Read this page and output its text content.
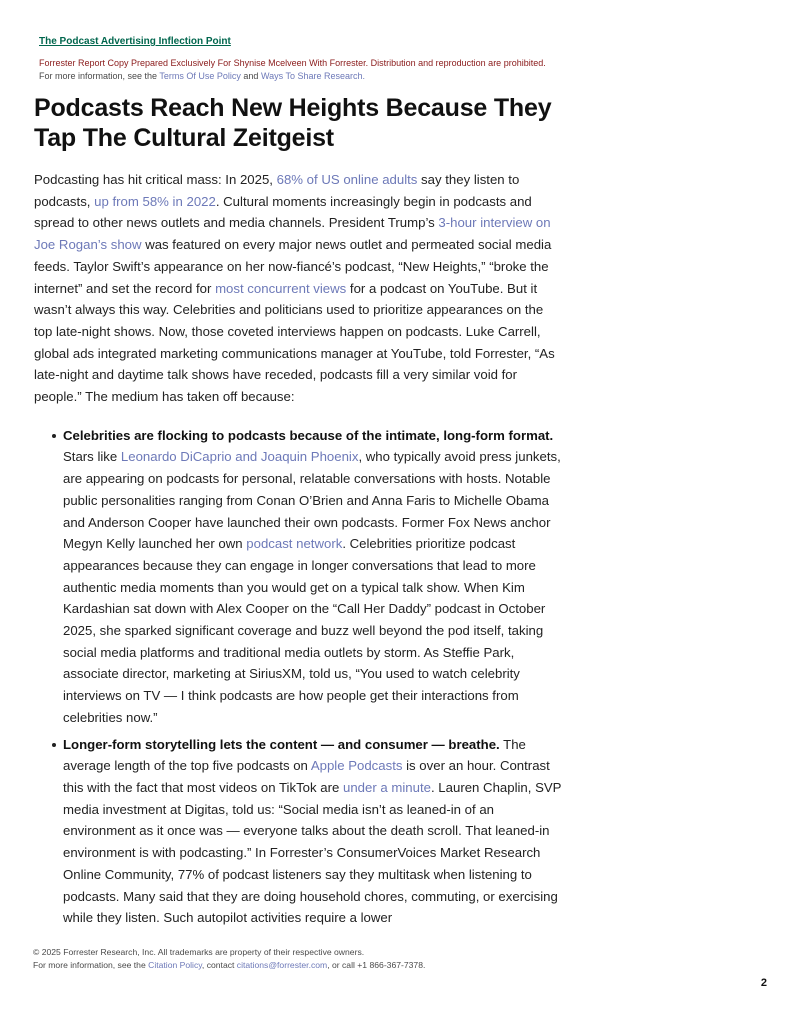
The Podcast Advertising Inflection Point
Forrester Report Copy Prepared Exclusively For Shynise Mcelveen With Forrester. Distribution and reproduction are prohibited.
For more information, see the Terms Of Use Policy and Ways To Share Research.
Podcasts Reach New Heights Because They Tap The Cultural Zeitgeist

Podcasting has hit critical mass: In 2025, 68% of US online adults say they listen to podcasts, up from 58% in 2022. Cultural moments increasingly begin in podcasts and spread to other news outlets and media channels. President Trump’s 3-hour interview on Joe Rogan’s show was featured on every major news outlet and permeated social media feeds. Taylor Swift’s appearance on her now-fiancé’s podcast, “New Heights,” “broke the internet” and set the record for most concurrent views for a podcast on YouTube. But it wasn’t always this way. Celebrities and politicians used to prioritize appearances on the top late-night shows. Now, those coveted interviews happen on podcasts. Luke Carrell, global ads integrated marketing communications manager at YouTube, told Forrester, “As late-night and daytime talk shows have receded, podcasts fill a very similar void for people.” The medium has taken off because:

Celebrities are flocking to podcasts because of the intimate, long-form format. Stars like Leonardo DiCaprio and Joaquin Phoenix, who typically avoid press junkets, are appearing on podcasts for personal, relatable conversations with hosts. Notable public personalities ranging from Conan O’Brien and Anna Faris to Michelle Obama and Anderson Cooper have launched their own podcasts. Former Fox News anchor Megyn Kelly launched her own podcast network. Celebrities prioritize podcast appearances because they can engage in longer conversations that lead to more authentic media moments than you would get on a typical talk show. When Kim Kardashian sat down with Alex Cooper on the “Call Her Daddy” podcast in October 2025, she sparked significant coverage and buzz well beyond the pod itself, taking social media platforms and traditional media outlets by storm. As Steffie Park, associate director, marketing at SiriusXM, told us, “You used to watch celebrity interviews on TV — I think podcasts are how people get their interactions from celebrities now.”
Longer-form storytelling lets the content — and consumer — breathe. The average length of the top five podcasts on Apple Podcasts is over an hour. Contrast this with the fact that most videos on TikTok are under a minute. Lauren Chaplin, SVP media investment at Digitas, told us: “Social media isn’t as leaned-in of an environment as it once was — everyone talks about the death scroll. That leaned-in environment is with podcasting.” In Forrester’s ConsumerVoices Market Research Online Community, 77% of podcast listeners say they multitask when listening to podcasts. Many said that they are doing household chores, commuting, or exercising while they listen. Such autopilot activities require a lower
© 2025 Forrester Research, Inc. All trademarks are property of their respective owners.
For more information, see the Citation Policy, contact citations@forrester.com, or call +1 866-367-7378.
2
